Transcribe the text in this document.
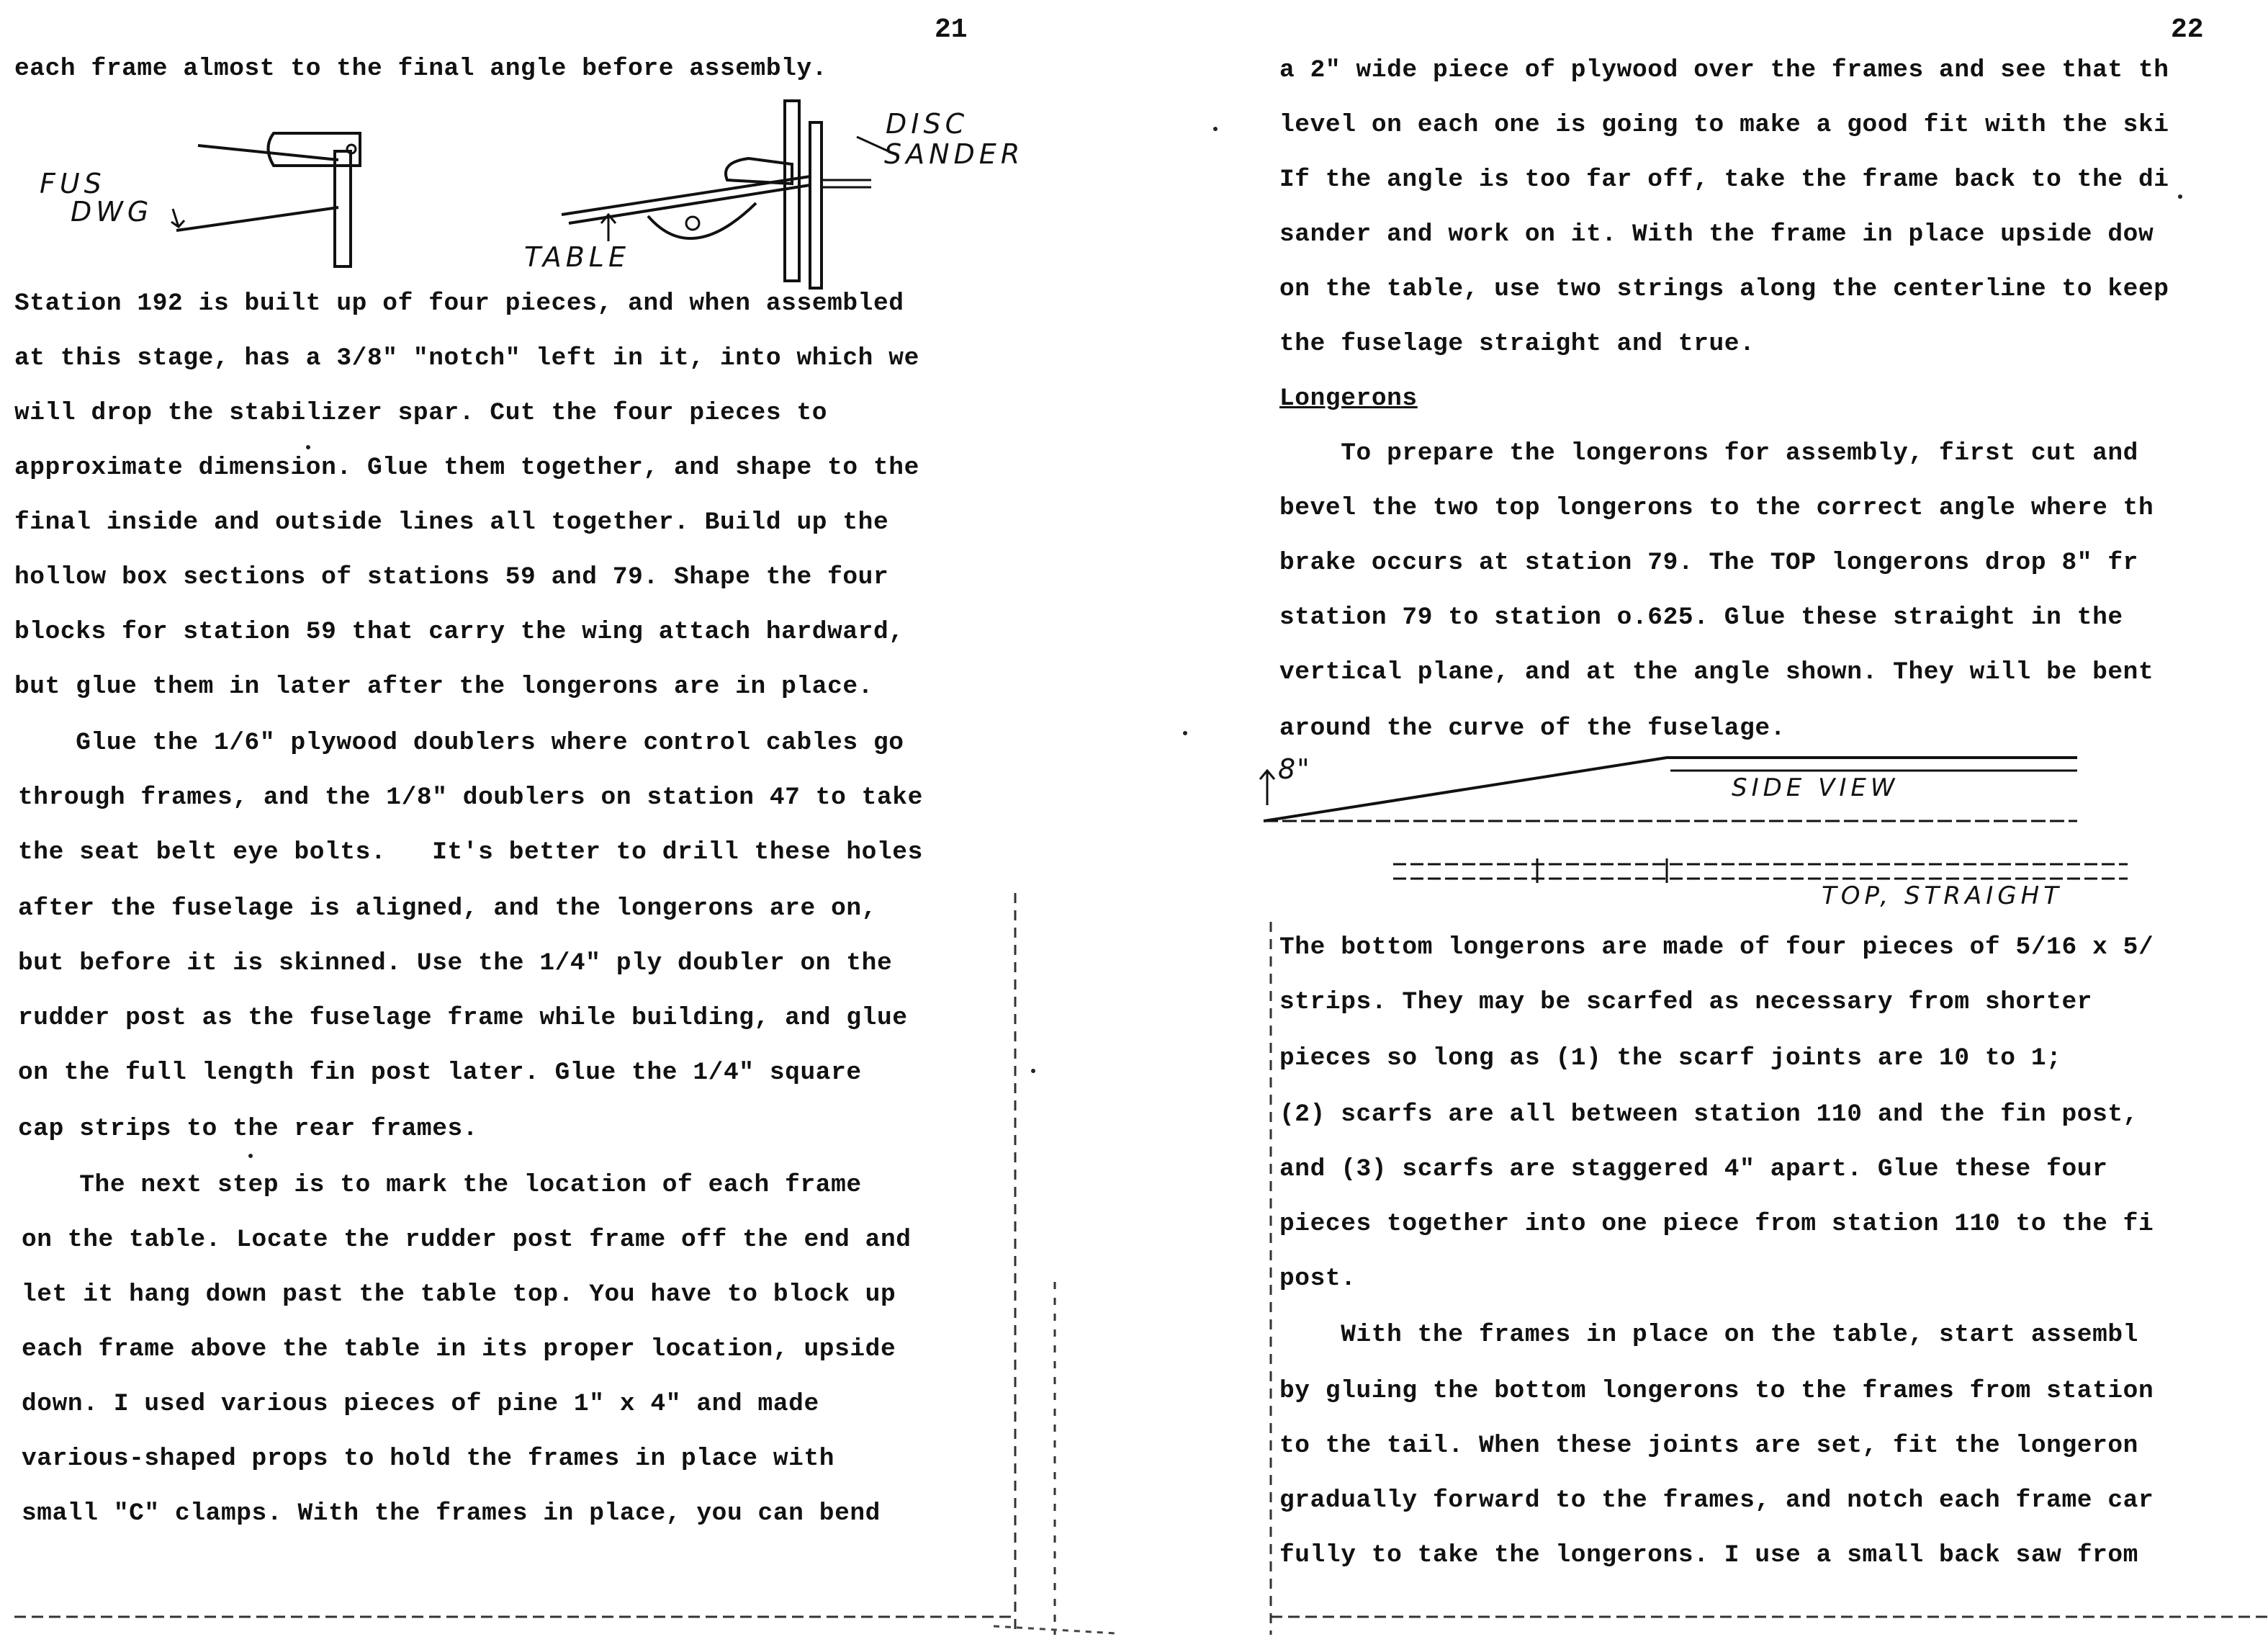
21
each frame almost to the final angle before assembly.
FUS
DWG
DISC
SANDER
TABLE
Station 192 is built up of four pieces, and when assembled
at this stage, has a 3/8" "notch" left in it, into which we
will drop the stabilizer spar. Cut the four pieces to
approximate dimension. Glue them together, and shape to the
final inside and outside lines all together. Build up the
hollow box sections of stations 59 and 79. Shape the four
blocks for station 59 that carry the wing attach hardward,
but glue them in later after the longerons are in place.
Glue the 1/6" plywood doublers where control cables go
through frames, and the 1/8" doublers on station 47 to take
the seat belt eye bolts.   It's better to drill these holes
after the fuselage is aligned, and the longerons are on,
but before it is skinned. Use the 1/4" ply doubler on the
rudder post as the fuselage frame while building, and glue
on the full length fin post later. Glue the 1/4" square
cap strips to the rear frames.
The next step is to mark the location of each frame
on the table. Locate the rudder post frame off the end and
let it hang down past the table top. You have to block up
each frame above the table in its proper location, upside
down. I used various pieces of pine 1" x 4" and made
various-shaped props to hold the frames in place with
small "C" clamps. With the frames in place, you can bend
22
a 2" wide piece of plywood over the frames and see that th
level on each one is going to make a good fit with the ski
If the angle is too far off, take the frame back to the di
sander and work on it. With the frame in place upside dow
on the table, use two strings along the centerline to keep
the fuselage straight and true.
Longerons
To prepare the longerons for assembly, first cut and
bevel the two top longerons to the correct angle where th
brake occurs at station 79. The TOP longerons drop 8" fr
station 79 to station o.625. Glue these straight in the
vertical plane, and at the angle shown. They will be bent
around the curve of the fuselage.
8"
SIDE VIEW
TOP, STRAIGHT
The bottom longerons are made of four pieces of 5/16 x 5/
strips. They may be scarfed as necessary from shorter
pieces so long as (1) the scarf joints are 10 to 1;
(2) scarfs are all between station 110 and the fin post,
and (3) scarfs are staggered 4" apart. Glue these four
pieces together into one piece from station 110 to the fi
post.
With the frames in place on the table, start assembl
by gluing the bottom longerons to the frames from station
to the tail. When these joints are set, fit the longeron
gradually forward to the frames, and notch each frame car
fully to take the longerons. I use a small back saw from
